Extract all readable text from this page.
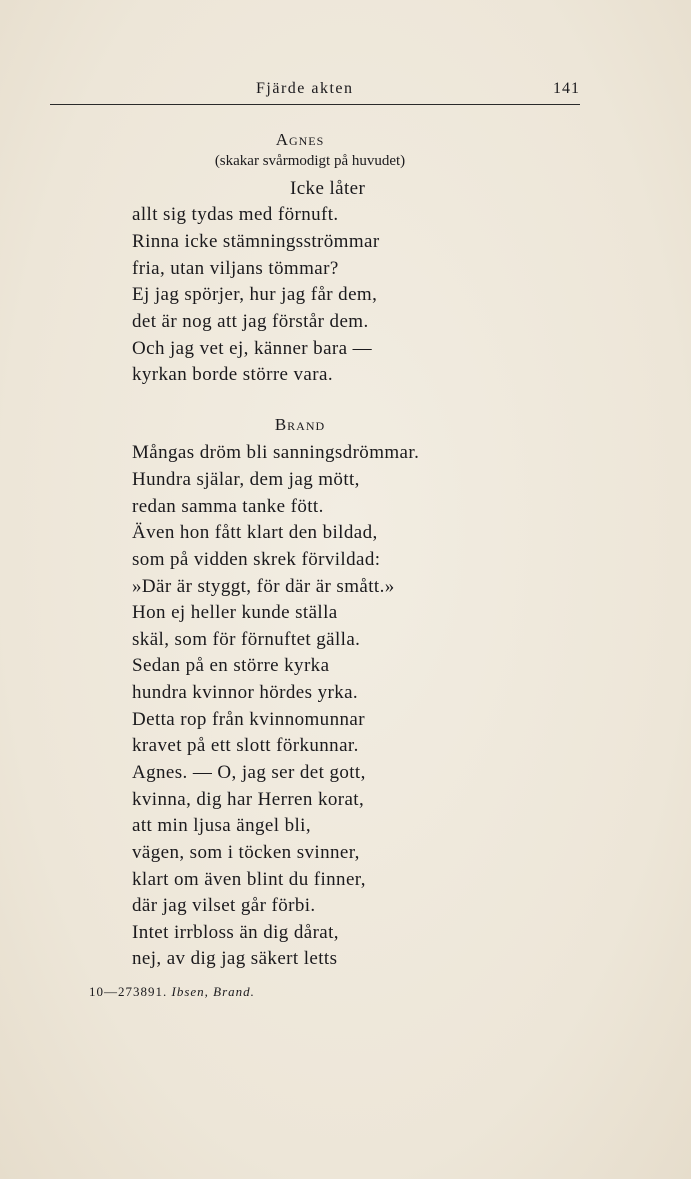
Fjärde akten	141
Agnes
(skakar svårmodigt på huvudet)
Icke låter
allt sig tydas med förnuft.
Rinna icke stämningsströmmar
fria, utan viljans tömmar?
Ej jag spörjer, hur jag får dem,
det är nog att jag förstår dem.
Och jag vet ej, känner bara —
kyrkan borde större vara.
Brand
Mångas dröm bli sanningsdrömmar.
Hundra själar, dem jag mött,
redan samma tanke fött.
Även hon fått klart den bildad,
som på vidden skrek förvildad:
»Där är styggt, för där är smått.»
Hon ej heller kunde ställa
skäl, som för förnuftet gälla.
Sedan på en större kyrka
hundra kvinnor hördes yrka.
Detta rop från kvinnomunnar
kravet på ett slott förkunnar.
Agnes. — O, jag ser det gott,
kvinna, dig har Herren korat,
att min ljusa ängel bli,
vägen, som i töcken svinner,
klart om även blint du finner,
där jag vilset går förbi.
Intet irrbloss än dig dårat,
nej, av dig jag säkert letts
10—273891. Ibsen, Brand.
